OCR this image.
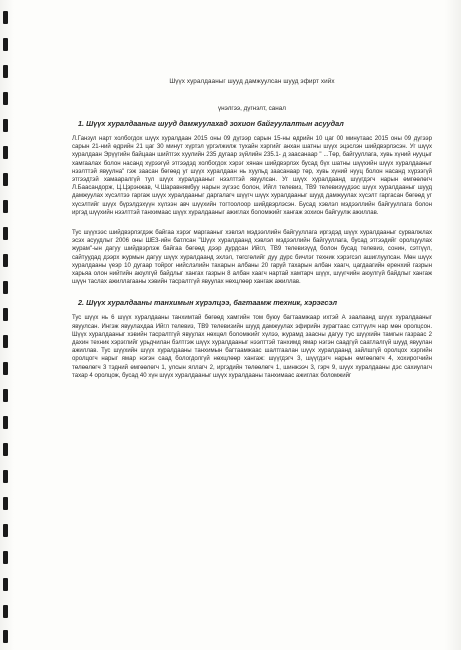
Шүүх хуралдааныг шууд дамжуулсан шууд эфирт хийх

үнэлгээ, дүгнэлт, санал

1. Шүүх хуралдааныг шууд дамжуулахад зохион байгуулалтын асуудал

Л.Ганзул нарт холбогдох шүүх хуралдаан 2015 оны 09 дүгээр сарын 15-ны өдрийн 10 цаг 00 минутаас 2015 оны 09 дүгээр сарын 21-ний өдрийн 21 цаг 30 минут хүртэл үргэлжилж тухайн хэргийг анхан шатны шүүх эцэслэн шийдвэрлэсэн. Уг шүүх хуралдаан Эрүүгийн байцаан шийтгэх хуулийн 235 дугаар зүйлийн 235.1- д заасанаар " ...Төр, байгууллага, хувь хүний нууцыг хамгаалах болон насанд хүрээгүй этгээдэд холбогдох хэрэг хянан шийдвэрлэх бусад бүх шатны шүүхийн шүүх хуралдааныг нээлттэй явуулна" гэж заасан бөгөөд уг шүүх хуралдаан нь хуульд заасанаар төр, хувь хүний нууц болон насанд хүрээгүй этгээдтэй хамааралгүй тул шүүх хуралдааныг нээлттэй явуулсан. Уг шүүх хуралдаанд шүүгдэгч нарын өмгөөлөгч Л.Баасандорж, Ц.Цэрэнжав, Ч.Шаравнямбуу нарын зүгээс болон, Ийгл телевиз, ТВ9 телевизүүдээс шүүх хуралдааныг шууд дамжуулах хүсэлтээ гаргаж шүүх хуралдааныг даргалагч шүүгч шүүх хуралдааныг шууд дамжуулах хүсэлт гаргасан бөгөөд уг хүсэлтийг шүүх бүрэлдэхүүн хүлээн авч шүүхийн тогтоолоор шийдвэрлэсэн. Бусад хэвлэл мэдээллийн байгууллага болон иргэд шүүхийн нээлттэй танхимаас шүүх хуралдааныг ажиглах боломжийг хангаж зохион байгуулж ажиллав.

Тус шүүхээс шийдвэрлэгдэж байгаа хэрэг маргааныг хэвлэл мэдээллийн байгууллага иргэдэд шүүх хуралдааныг сурвалжлах эсэх асуудлыг 2006 оны ШЕЗ-ийн батлсан "Шүүх хуралдаанд хэвлэл мэдээллийн байгууллага, бусад этгээдийг оролцуулах журам"-ын дагуу шийдвэрлэж байгаа бөгөөд дээр дурдсан Ийгл, ТВ9 телевизүүд болон бусад телевиз, сонин, сэтгүүл, сайтуудад дээрх журмын дагуу шүүх хуралдаанд эхлэл, төгсгөлийг дуу дүрс бичлэг техник хэрэгсэл ашиглуулсан. Мөн шүүх хуралдааны үеэр 10 дугаар тойрог нийслэлийн тахарын албаны 20 гаруй тахарын албан хаагч, цагдаагийн еренхий газрын харьяа олон нийтийн аюулгүй байдлыг хангах газрын 8 албан хаагч нартай хамтарч шүүх, шүүгчийн аюулгүй байдлыг хангаж шүүн таслах ажиллагааны хэвийн тасралтгүй явуулах нөхцлөөр хангаж ажиллав.

2. Шүүх хуралдааны танхимын хүрэлцээ, багтаамж техник, хэрэгсэл

Тус шүүх нь 6 шүүх хуралдааны танхимтай бөгөөд хамгийн том буюу багтаамжаар ихтэй А заалаанд шүүх хуралдааныг явуулсан. Ингэж явуулахдаа Ийгл телевиз, ТВ9 телевизийн шууд дамжуулах эфирийн зурагтаас сэтгүүлч нар мөн оролцсон. Шүүх хуралдааныг хэвийн тасралтгүй явуулах нөхцөл боломжийг хүлээ, журамд заасны дагуу тус шүүхийн тамгын газраас 2 дахин техник хэрэглийг урьдчилан бэлтгэж шүүх хуралдааныг нээлттэй танхимд ямар нэгэн саадгүй саатлалгүй шууд явуулан ажиллав. Тус шүүхийн шүүх хуралдааны танхимын багтаамжаас шалтгаалан шүүх хуралдаанд зайлшгүй оролцох хэргийн оролцогч нарыг ямар нэгэн саад бологдолгүй нөхцлөөр хангаж: шүүгдэгч 3, шүүгдэгч нарын өмгөөлөгч 4, хохирогчийн төлөөлөгч 3 тэдний өмгөөлөгч 1, улсын яллагч 2, иргэдийн төлөөлөгч 1, шинжээч 3, гэрч 9, шүүх хуралдааны дэс сахиулагч тахар 4 оролцож, бусад 40 хүн шүүх хуралдааныг шүүх хуралдааны танхимаас ажиглах боломжийг
